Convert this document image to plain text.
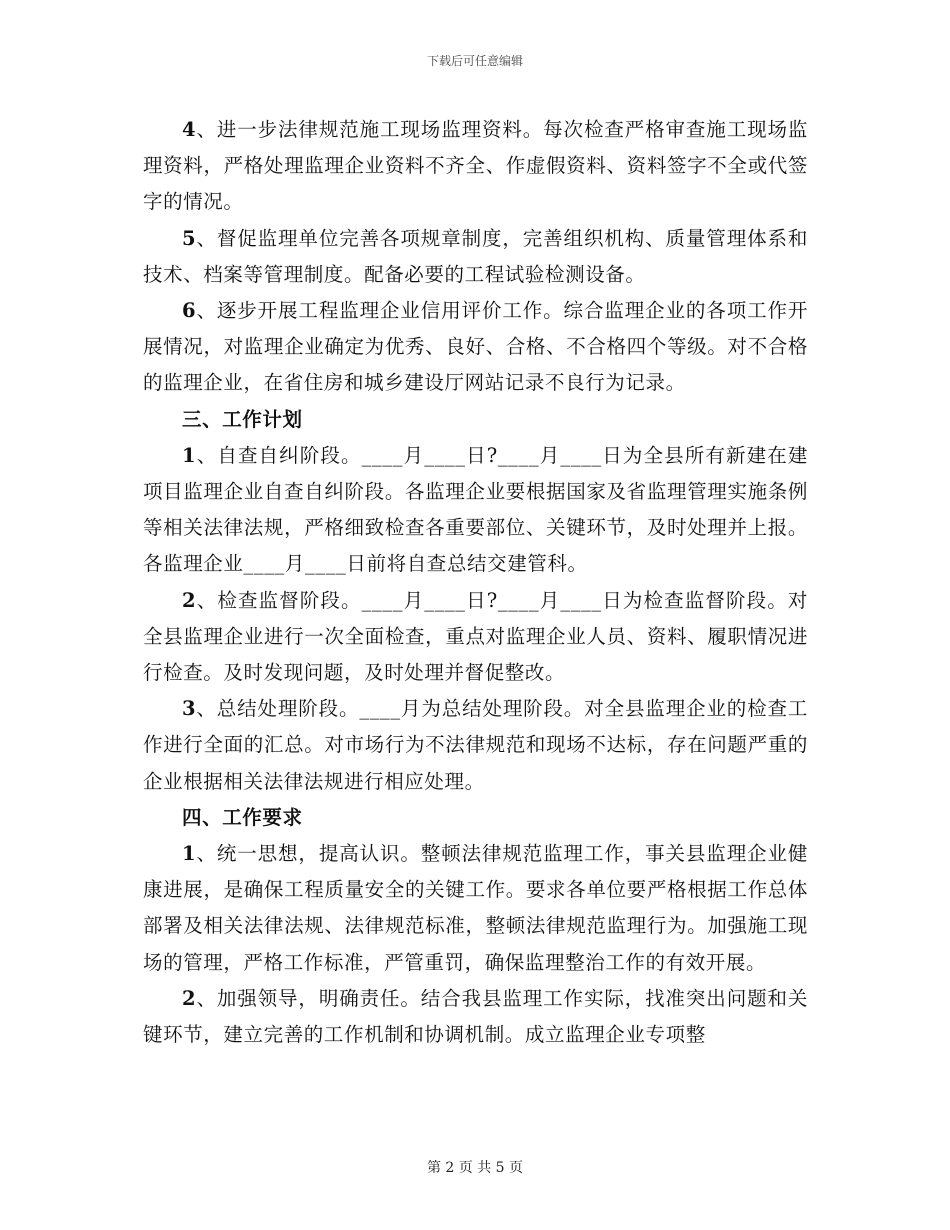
下载后可任意编辑

4、进一步法律规范施工现场监理资料。每次检查严格审查施工现场监理资料，严格处理监理企业资料不齐全、作虚假资料、资料签字不全或代签字的情况。

5、督促监理单位完善各项规章制度，完善组织机构、质量管理体系和技术、档案等管理制度。配备必要的工程试验检测设备。

6、逐步开展工程监理企业信用评价工作。综合监理企业的各项工作开展情况，对监理企业确定为优秀、良好、合格、不合格四个等级。对不合格的监理企业，在省住房和城乡建设厅网站记录不良行为记录。

三、工作计划

1、自查自纠阶段。____月____日?____月____日为全县所有新建在建项目监理企业自查自纠阶段。各监理企业要根据国家及省监理管理实施条例等相关法律法规，严格细致检查各重要部位、关键环节，及时处理并上报。各监理企业____月____日前将自查总结交建管科。

2、检查监督阶段。____月____日?____月____日为检查监督阶段。对全县监理企业进行一次全面检查，重点对监理企业人员、资料、履职情况进行检查。及时发现问题，及时处理并督促整改。

3、总结处理阶段。____月为总结处理阶段。对全县监理企业的检查工作进行全面的汇总。对市场行为不法律规范和现场不达标，存在问题严重的企业根据相关法律法规进行相应处理。

四、工作要求

1、统一思想，提高认识。整顿法律规范监理工作，事关县监理企业健康进展，是确保工程质量安全的关键工作。要求各单位要严格根据工作总体部署及相关法律法规、法律规范标准，整顿法律规范监理行为。加强施工现场的管理，严格工作标准，严管重罚，确保监理整治工作的有效开展。

2、加强领导，明确责任。结合我县监理工作实际，找准突出问题和关键环节，建立完善的工作机制和协调机制。成立监理企业专项整

第 2 页 共 5 页
